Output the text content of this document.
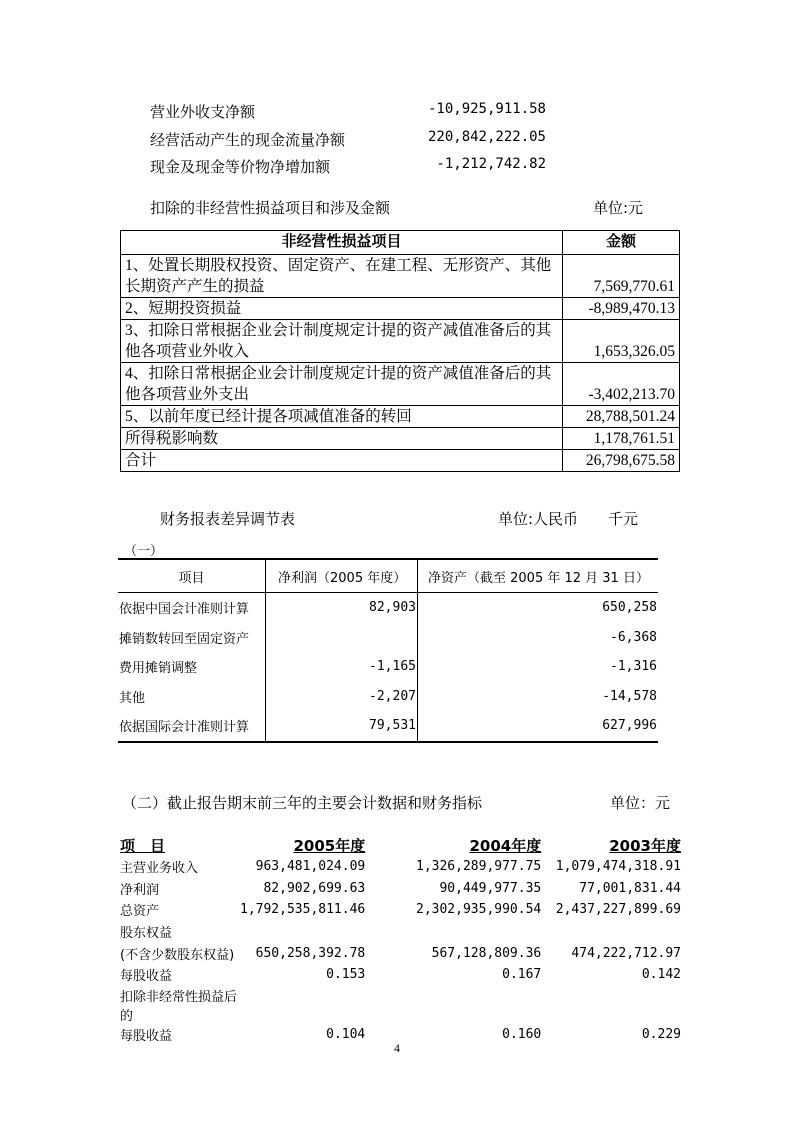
营业外收支净额	-10,925,911.58
经营活动产生的现金流量净额	220,842,222.05
现金及现金等价物净增加额	-1,212,742.82
扣除的非经营性损益项目和涉及金额	单位:元
非经营性损益项目	金额
1、处置长期股权投资、固定资产、在建工程、无形资产、其他长期资产产生的损益	7,569,770.61
2、短期投资损益	-8,989,470.13
3、扣除日常根据企业会计制度规定计提的资产减值准备后的其他各项营业外收入	1,653,326.05
4、扣除日常根据企业会计制度规定计提的资产减值准备后的其他各项营业外支出	-3,402,213.70
5、以前年度已经计提各项减值准备的转回	28,788,501.24
所得税影响数	1,178,761.51
合计	26,798,675.58
财务报表差异调节表	单位:人民币 千元
（一）
项目	净利润（2005 年度）	净资产（截至 2005 年 12 月 31 日）
依据中国会计准则计算	82,903	650,258
摊销数转回至固定资产		-6,368
费用摊销调整	-1,165	-1,316
其他	-2,207	-14,578
依据国际会计准则计算	79,531	627,996
（二）截止报告期末前三年的主要会计数据和财务指标	单位：元
项　目	2005年度	2004年度	2003年度
主营业务收入	963,481,024.09	1,326,289,977.75	1,079,474,318.91
净利润	82,902,699.63	90,449,977.35	77,001,831.44
总资产	1,792,535,811.46	2,302,935,990.54	2,437,227,899.69
股东权益			
(不含少数股东权益)	650,258,392.78	567,128,809.36	474,222,712.97
每股收益	0.153	0.167	0.142
扣除非经常性损益后的			
每股收益	0.104	0.160	0.229
4
